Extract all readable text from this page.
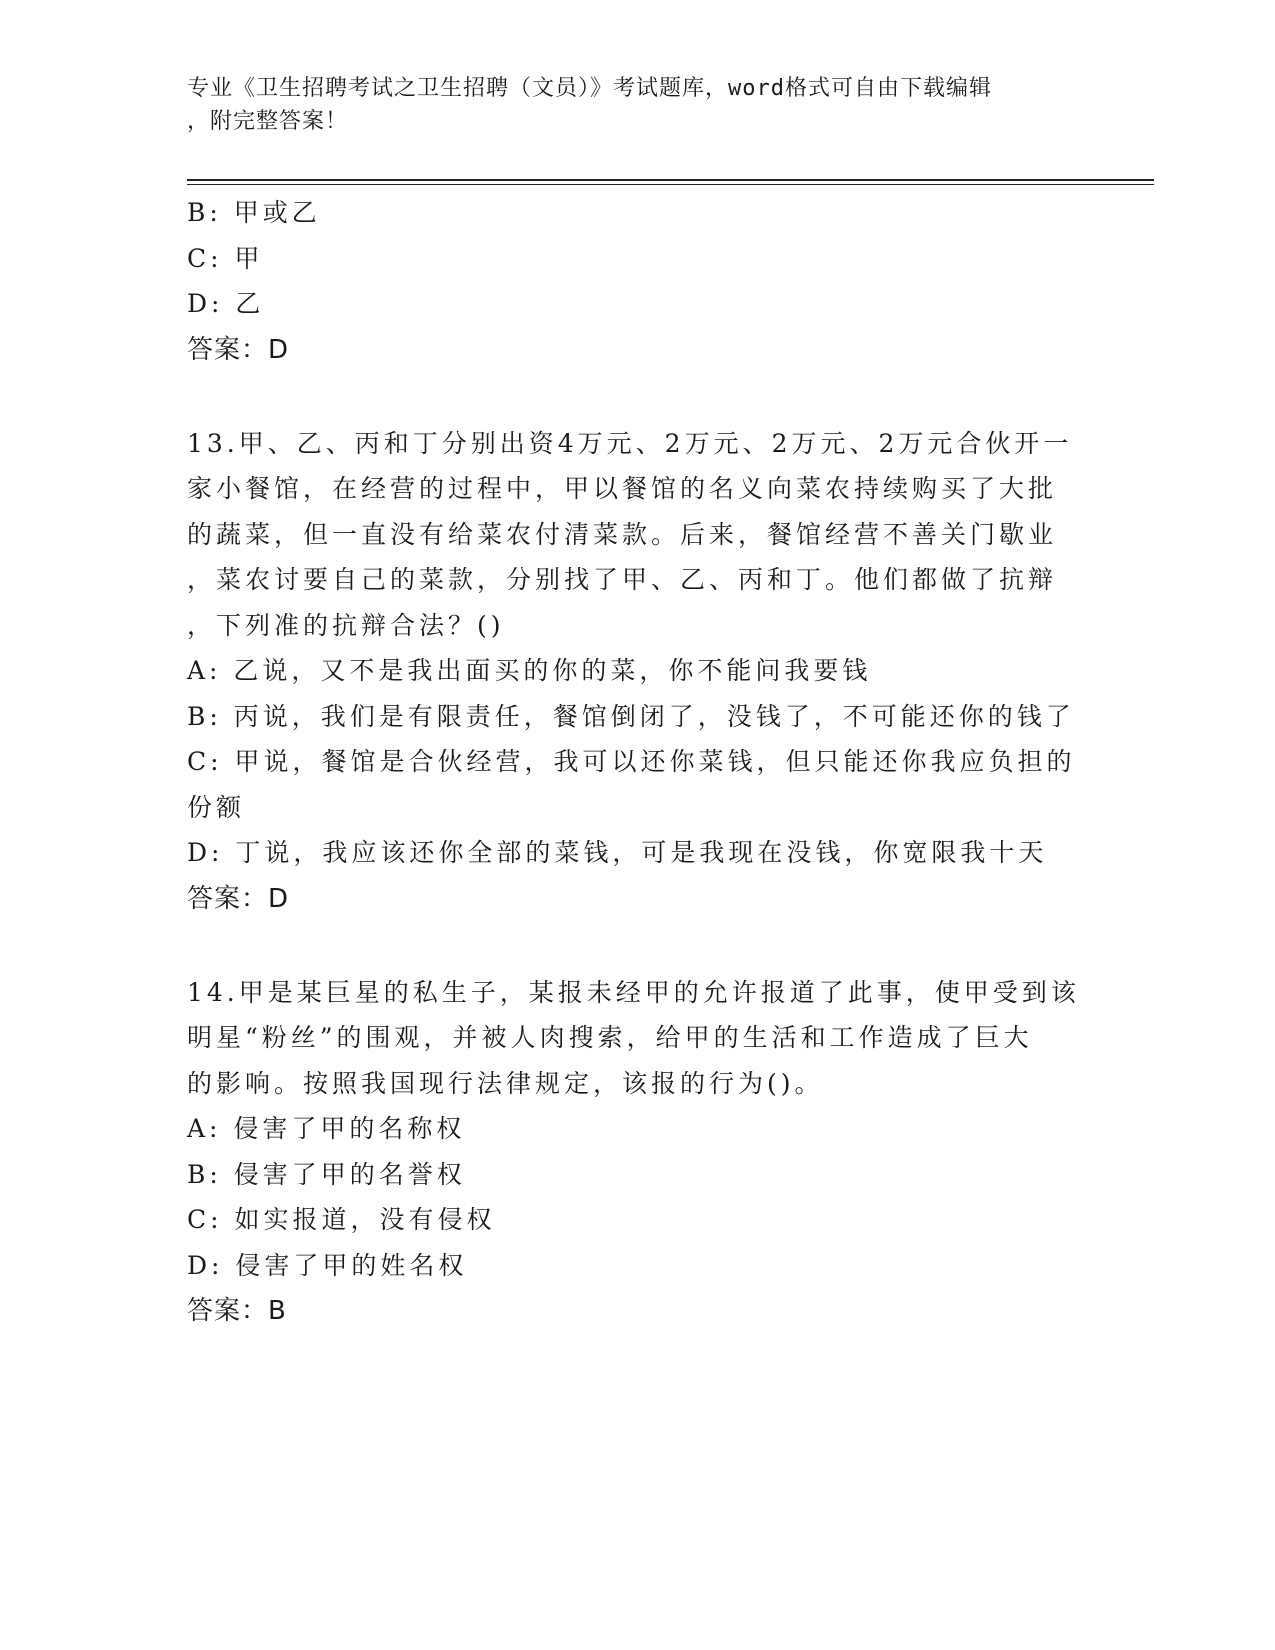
专业《卫生招聘考试之卫生招聘（文员）》考试题库，word格式可自由下载编辑
，附完整答案！
B: 甲或乙
C: 甲
D: 乙
答案：D
13.甲、乙、丙和丁分别出资4万元、2万元、2万元、2万元合伙开一
家小餐馆，在经营的过程中，甲以餐馆的名义向菜农持续购买了大批
的蔬菜，但一直没有给菜农付清菜款。后来，餐馆经营不善关门歇业
，菜农讨要自己的菜款，分别找了甲、乙、丙和丁。他们都做了抗辩
，下列准的抗辩合法？()
A: 乙说，又不是我出面买的你的菜，你不能问我要钱
B: 丙说，我们是有限责任，餐馆倒闭了，没钱了，不可能还你的钱了
C: 甲说，餐馆是合伙经营，我可以还你菜钱，但只能还你我应负担的
份额
D: 丁说，我应该还你全部的菜钱，可是我现在没钱，你宽限我十天
答案：D
14.甲是某巨星的私生子，某报未经甲的允许报道了此事，使甲受到该
明星“粉丝”的围观，并被人肉搜索，给甲的生活和工作造成了巨大
的影响。按照我国现行法律规定，该报的行为()。
A: 侵害了甲的名称权
B: 侵害了甲的名誉权
C: 如实报道，没有侵权
D: 侵害了甲的姓名权
答案：B
